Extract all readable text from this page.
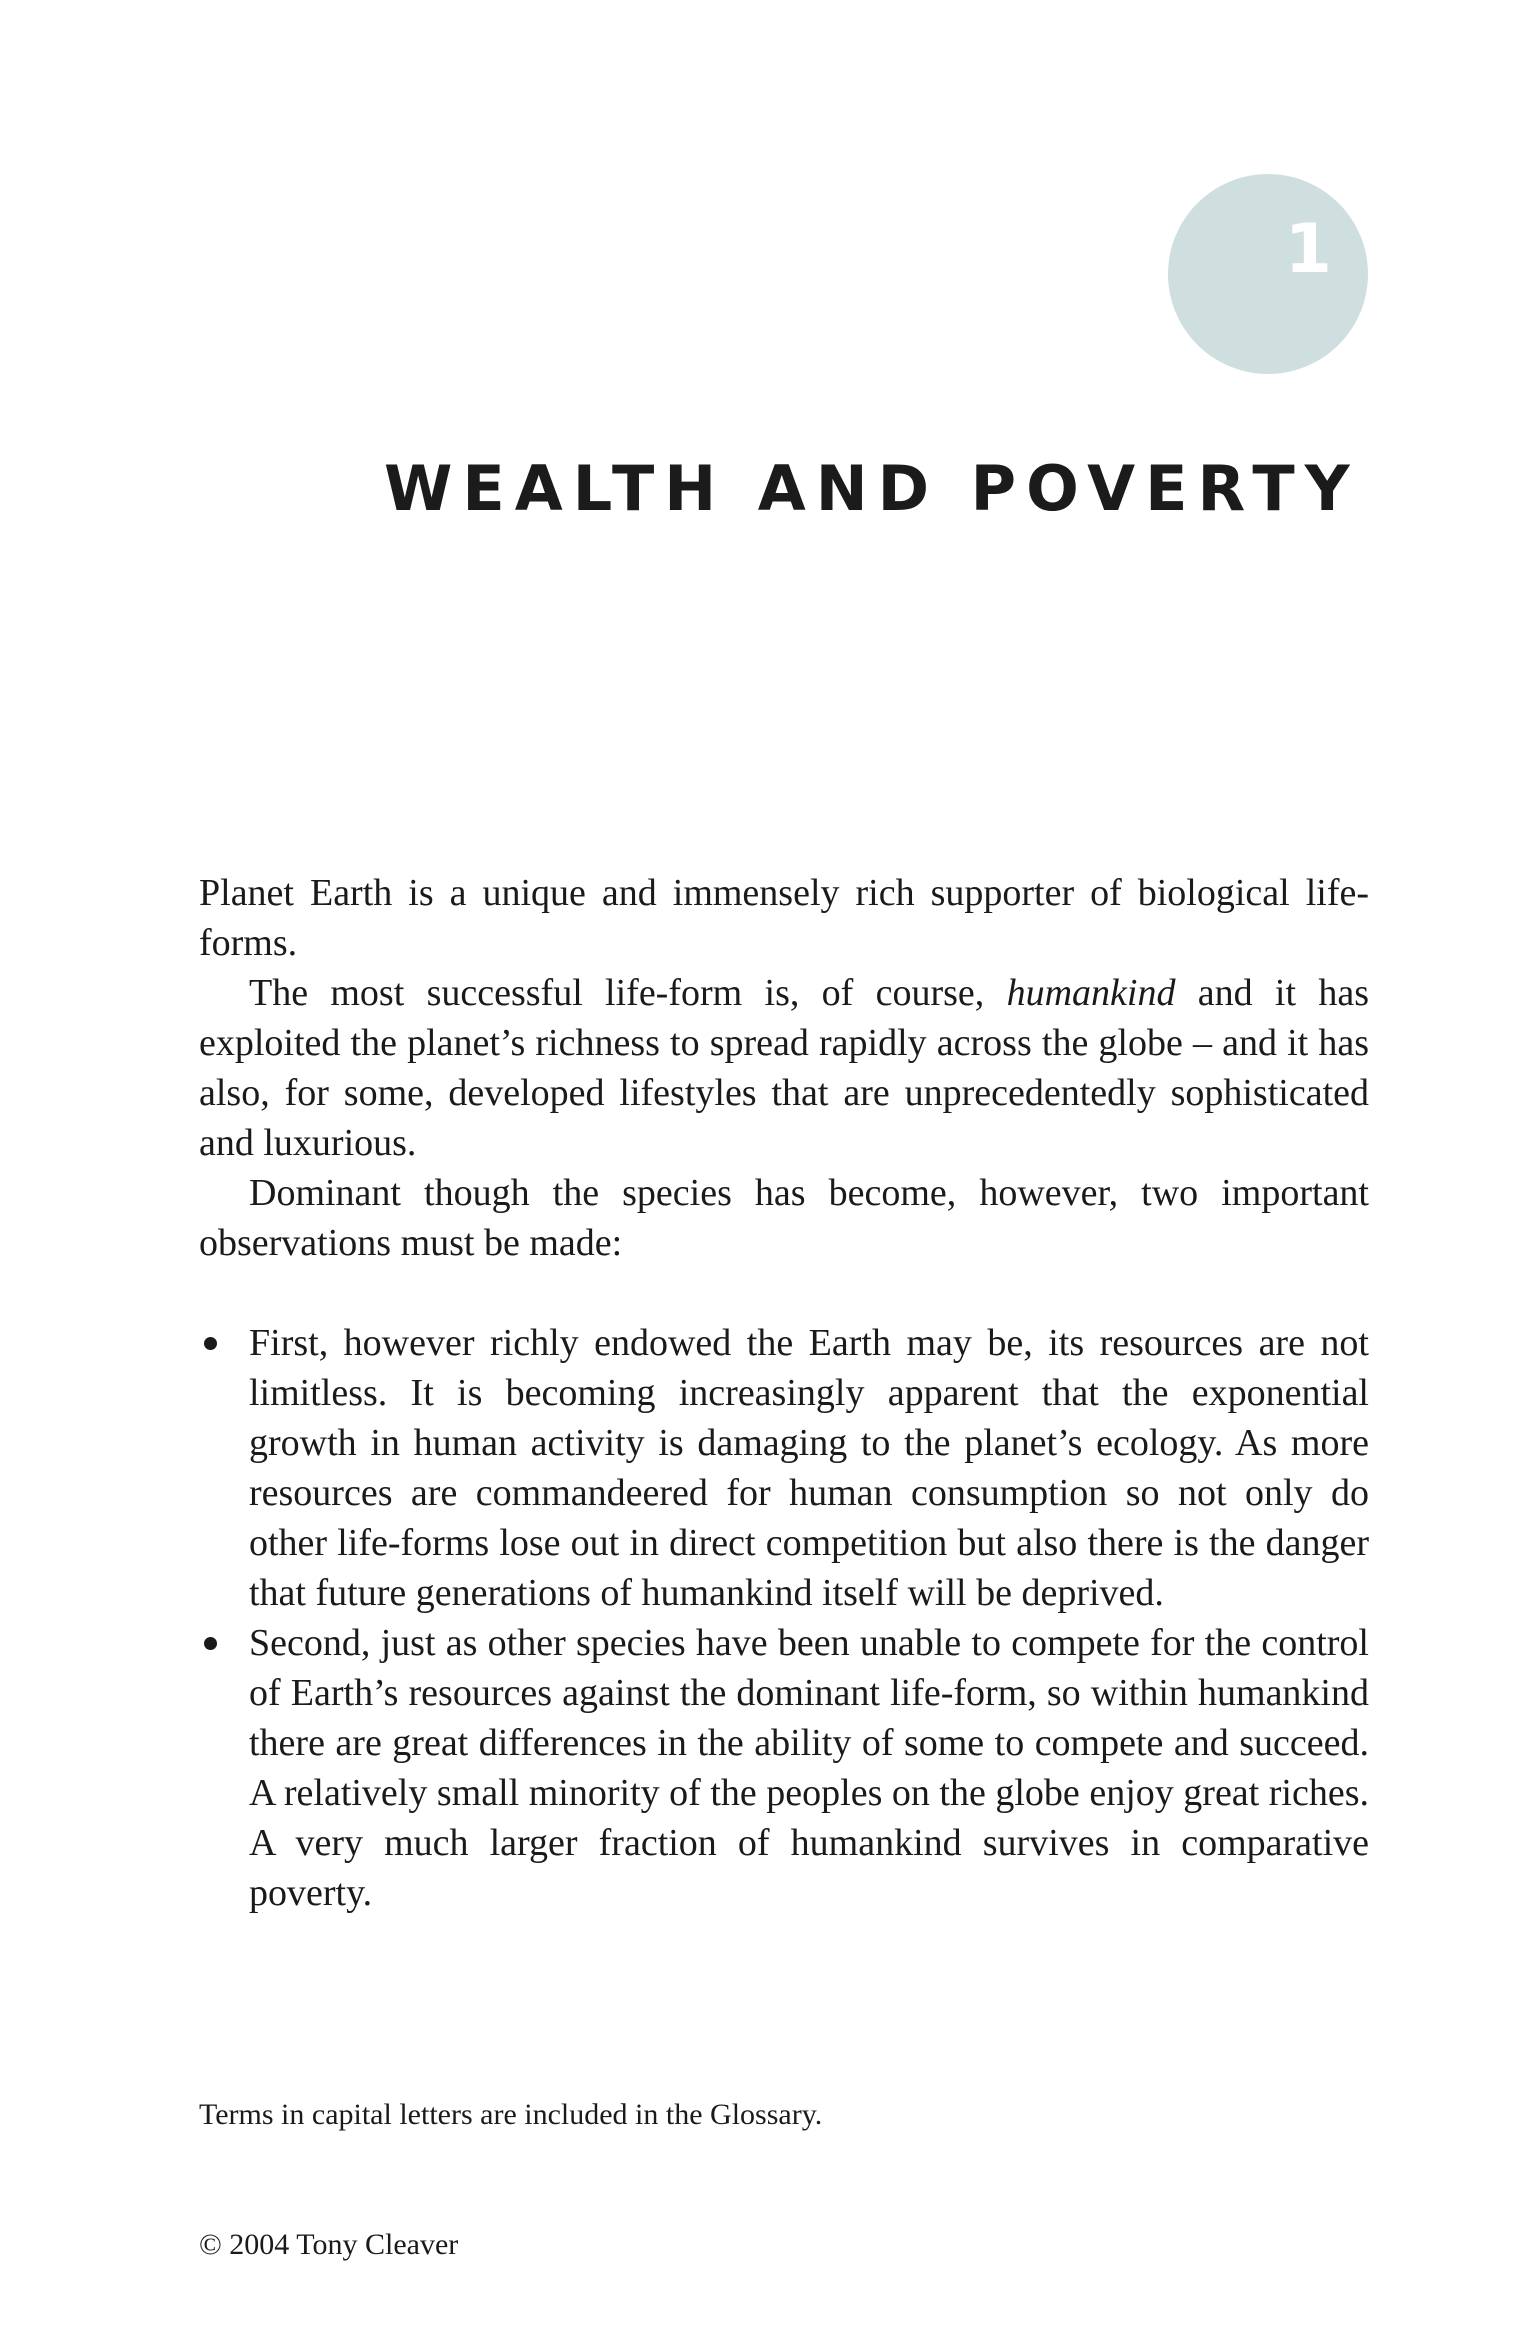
1
WEALTH AND POVERTY

Planet Earth is a unique and immensely rich supporter of biological life-forms.

The most successful life-form is, of course, humankind and it has exploited the planet’s richness to spread rapidly across the globe – and it has also, for some, developed lifestyles that are unprecedentedly sophisticated and luxurious.

Dominant though the species has become, however, two important observations must be made:

First, however richly endowed the Earth may be, its resources are not limitless. It is becoming increasingly apparent that the exponential growth in human activity is damaging to the planet’s ecology. As more resources are commandeered for human consumption so not only do other life-forms lose out in direct competition but also there is the danger that future generations of humankind itself will be deprived.
Second, just as other species have been unable to compete for the control of Earth’s resources against the dominant life-form, so within humankind there are great differences in the ability of some to compete and succeed. A relatively small minority of the peoples on the globe enjoy great riches. A very much larger fraction of humankind survives in comparative poverty.
Terms in capital letters are included in the Glossary.
© 2004 Tony Cleaver
